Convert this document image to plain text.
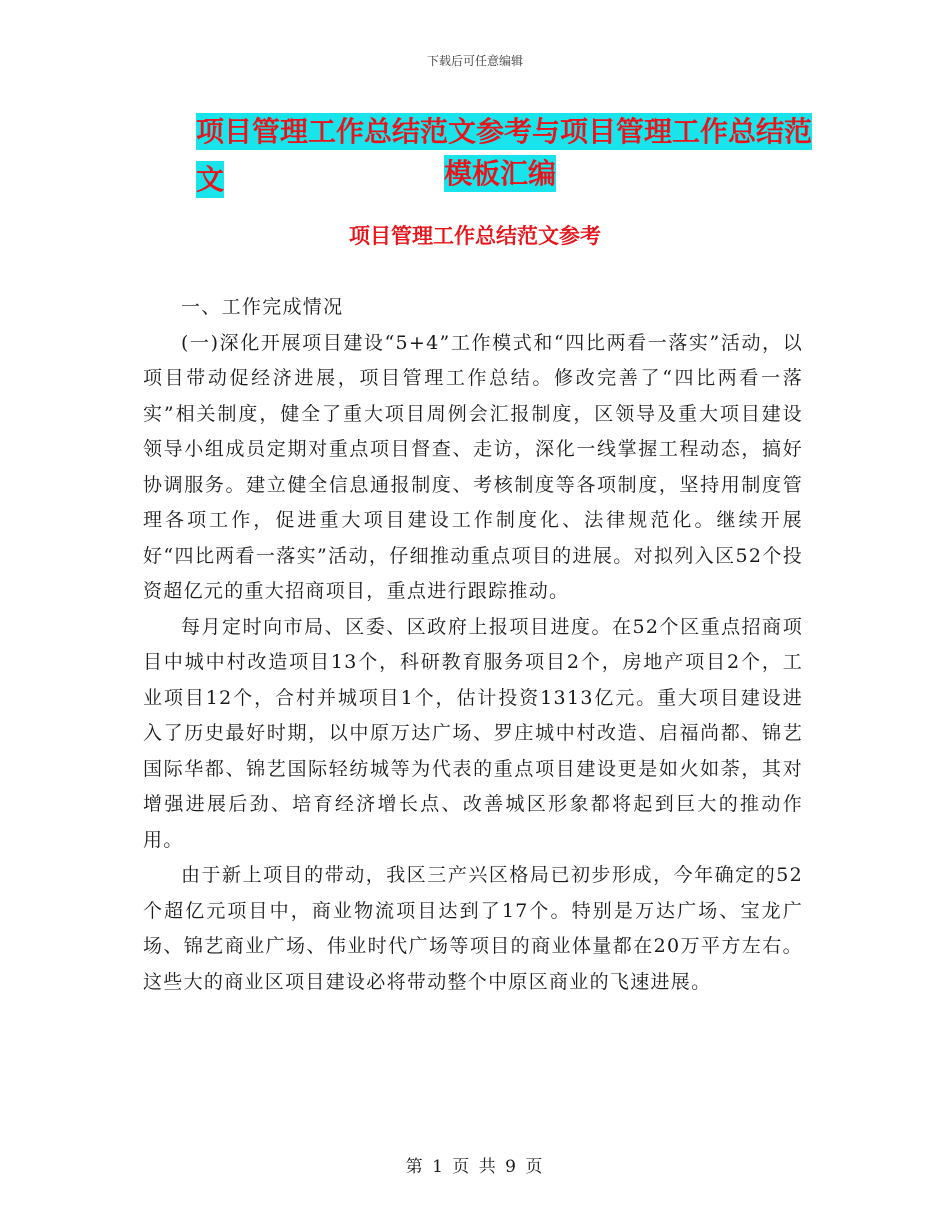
下载后可任意编辑
项目管理工作总结范文参考与项目管理工作总结范文	模板汇编
项目管理工作总结范文参考

一、工作完成情况

(一)深化开展项目建设“5+4”工作模式和“四比两看一落实”活动，以项目带动促经济进展，项目管理工作总结。修改完善了“四比两看一落实”相关制度，健全了重大项目周例会汇报制度，区领导及重大项目建设领导小组成员定期对重点项目督查、走访，深化一线掌握工程动态，搞好协调服务。建立健全信息通报制度、考核制度等各项制度，坚持用制度管理各项工作，促进重大项目建设工作制度化、法律规范化。继续开展好“四比两看一落实”活动，仔细推动重点项目的进展。对拟列入区52个投资超亿元的重大招商项目，重点进行跟踪推动。

每月定时向市局、区委、区政府上报项目进度。在52个区重点招商项目中城中村改造项目13个，科研教育服务项目2个，房地产项目2个，工业项目12个，合村并城项目1个，估计投资1313亿元。重大项目建设进入了历史最好时期，以中原万达广场、罗庄城中村改造、启福尚都、锦艺国际华都、锦艺国际轻纺城等为代表的重点项目建设更是如火如荼，其对增强进展后劲、培育经济增长点、改善城区形象都将起到巨大的推动作用。

由于新上项目的带动，我区三产兴区格局已初步形成，今年确定的52个超亿元项目中，商业物流项目达到了17个。特别是万达广场、宝龙广场、锦艺商业广场、伟业时代广场等项目的商业体量都在20万平方左右。这些大的商业区项目建设必将带动整个中原区商业的飞速进展。

第 1 页 共 9 页
